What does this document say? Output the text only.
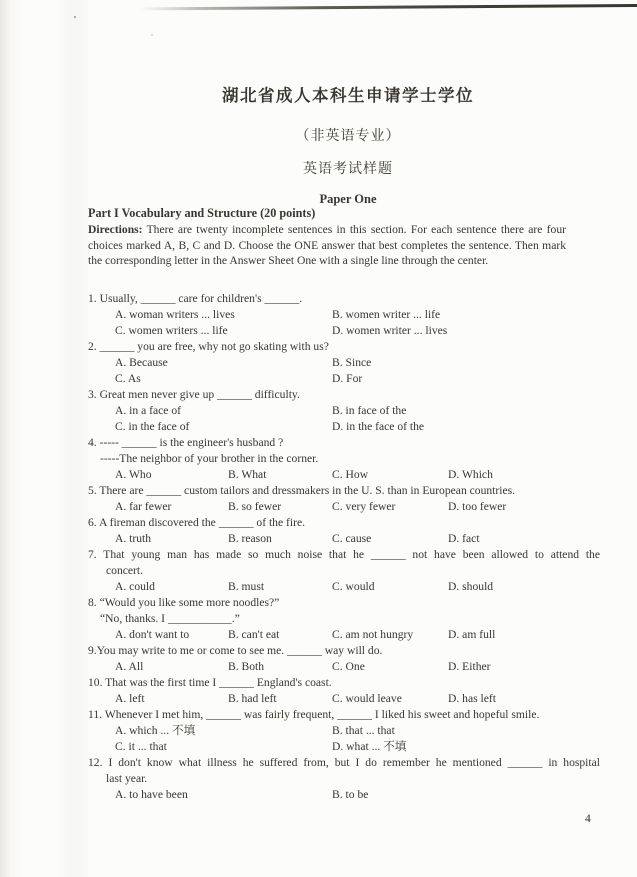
湖北省成人本科生申请学士学位
（非英语专业）
英语考试样题
Paper One
Part I Vocabulary and Structure (20 points)
Directions: There are twenty incomplete sentences in this section. For each sentence there are four choices marked A, B, C and D. Choose the ONE answer that best completes the sentence. Then mark the corresponding letter in the Answer Sheet One with a single line through the center.
1. Usually, ______ care for children's ______.
A. woman writers ... lives	B. women writer ... life
C. women writers ... life	D. women writer ... lives
2. ______ you are free, why not go skating with us?
A. Because	B. Since
C. As	D. For
3. Great men never give up ______ difficulty.
A. in a face of	B. in face of the
C. in the face of	D. in the face of the
4. ----- ______ is the engineer's husband ?
-----The neighbor of your brother in the corner.
A. Who	B. What	C. How	D. Which
5. There are ______ custom tailors and dressmakers in the U. S. than in European countries.
A. far fewer	B. so fewer	C. very fewer	D. too fewer
6. A fireman discovered the ______ of the fire.
A. truth	B. reason	C. cause	D. fact
7. That young man has made so much noise that he ______ not have been allowed to attend the
concert.
A. could	B. must	C. would	D. should
8. “Would you like some more noodles?”
“No, thanks. I ___________.”
A. don't want to	B. can't eat	C. am not hungry	D. am full
9.You may write to me or come to see me. ______ way will do.
A. All	B. Both	C. One	D. Either
10. That was the first time I ______ England's coast.
A. left	B. had left	C. would leave	D. has left
11. Whenever I met him, ______ was fairly frequent, ______ I liked his sweet and hopeful smile.
A. which ... 不填	B. that ... that
C. it ... that	D. what ... 不填
12. I don't know what illness he suffered from, but I do remember he mentioned ______ in hospital
last year.
A. to have been	B. to be
4
